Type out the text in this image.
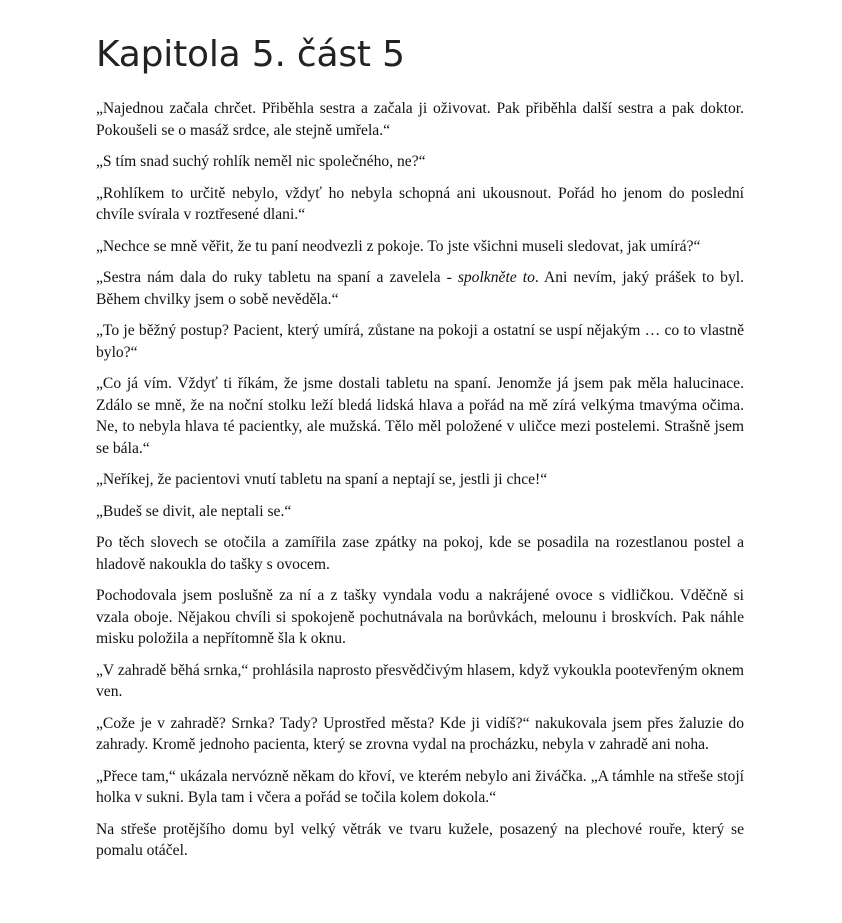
Kapitola 5. část 5

„Najednou začala chrčet. Přiběhla sestra a začala ji oživovat. Pak přiběhla další sestra a pak doktor. Pokoušeli se o masáž srdce, ale stejně umřela.“

„S tím snad suchý rohlík neměl nic společného, ne?“

„Rohlíkem to určitě nebylo, vždyť ho nebyla schopná ani ukousnout. Pořád ho jenom do poslední chvíle svírala v roztřesené dlani.“

„Nechce se mně věřit, že tu paní neodvezli z pokoje. To jste všichni museli sledovat, jak umírá?“

„Sestra nám dala do ruky tabletu na spaní a zavelela - spolkněte to. Ani nevím, jaký prášek to byl. Během chvilky jsem o sobě nevěděla.“

„To je běžný postup? Pacient, který umírá, zůstane na pokoji a ostatní se uspí nějakým … co to vlastně bylo?“

„Co já vím. Vždyť ti říkám, že jsme dostali tabletu na spaní. Jenomže já jsem pak měla halucinace. Zdálo se mně, že na noční stolku leží bledá lidská hlava a pořád na mě zírá velkýma tmavýma očima. Ne, to nebyla hlava té pacientky, ale mužská. Tělo měl položené v uličce mezi postelemi. Strašně jsem se bála.“

„Neříkej, že pacientovi vnutí tabletu na spaní a neptají se, jestli ji chce!“

„Budeš se divit, ale neptali se.“

Po těch slovech se otočila a zamířila zase zpátky na pokoj, kde se posadila na rozestlanou postel a hladově nakoukla do tašky s ovocem.

Pochodovala jsem poslušně za ní a z tašky vyndala vodu a nakrájené ovoce s vidličkou. Vděčně si vzala oboje. Nějakou chvíli si spokojeně pochutnávala na borůvkách, melounu i broskvích. Pak náhle misku položila a nepřítomně šla k oknu.

„V zahradě běhá srnka,“ prohlásila naprosto přesvědčivým hlasem, když vykoukla pootevřeným oknem ven.

„Cože je v zahradě? Srnka? Tady? Uprostřed města? Kde ji vidíš?“ nakukovala jsem přes žaluzie do zahrady. Kromě jednoho pacienta, který se zrovna vydal na procházku, nebyla v zahradě ani noha.

„Přece tam,“ ukázala nervózně někam do křoví, ve kterém nebylo ani živáčka. „A támhle na střeše stojí holka v sukni. Byla tam i včera a pořád se točila kolem dokola.“

Na střeše protějšího domu byl velký větrák ve tvaru kužele, posazený na plechové rouře, který se pomalu otáčel.
